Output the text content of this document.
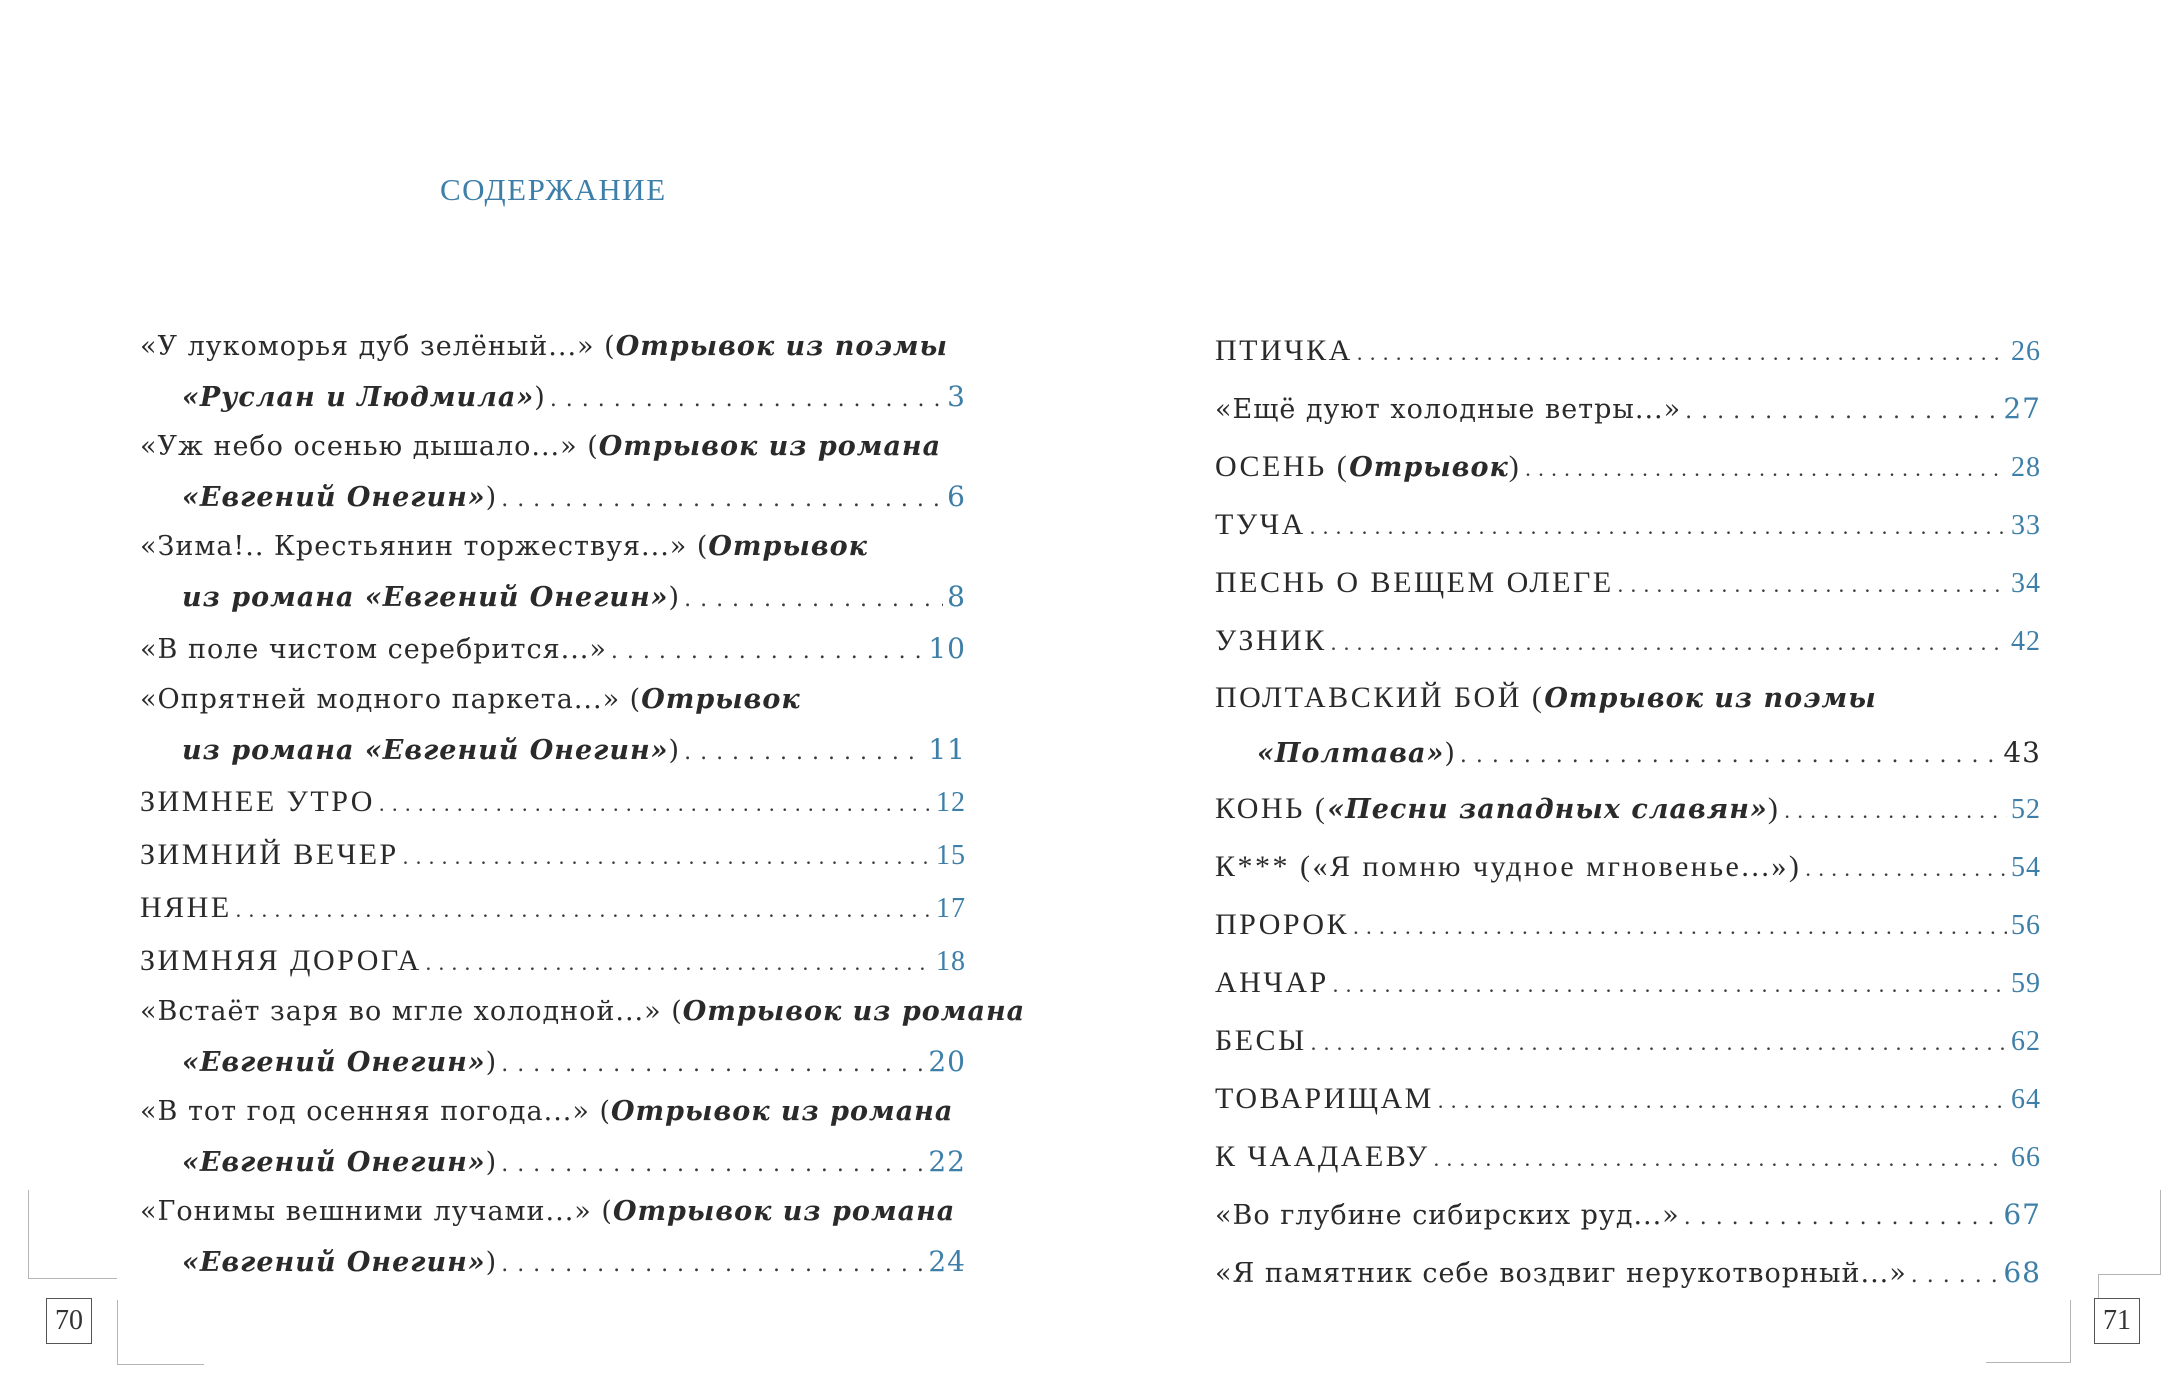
СОДЕРЖАНИЕ
«У лукоморья дуб зелёный...» ( Отрывок из поэмы
«Руслан и Людмила» ) . . .	3
«Уж небо осенью дышало...» ( Отрывок из романа
«Евгений Онегин» ) . . .	6
«Зима!.. Крестьянин торжествуя...» ( Отрывок
из романа «Евгений Онегин» ) . . .	8
«В поле чистом серебрится...» . . .	10
«Опрятней модного паркета...» ( Отрывок
из романа «Евгений Онегин» ) . . .	11
ЗИМНЕЕ УТРО . . .	12
ЗИМНИЙ ВЕЧЕР . . .	15
НЯНЕ . . .	17
ЗИМНЯЯ ДОРОГА . . .	18
«Встаёт заря во мгле холодной...» ( Отрывок из романа
«Евгений Онегин» ) . . .	20
«В тот год осенняя погода...» ( Отрывок из романа
«Евгений Онегин» ) . . .	22
«Гонимы вешними лучами...» ( Отрывок из романа
«Евгений Онегин» ) . . .	24
70
ПТИЧКА . . .	26
«Ещё дуют холодные ветры...» . . .	27
ОСЕНЬ ( Отрывок ) . . .	28
ТУЧА . . .	33
ПЕСНЬ О ВЕЩЕМ ОЛЕГЕ . . .	34
УЗНИК . . .	42
ПОЛТАВСКИЙ БОЙ ( Отрывок из поэмы
«Полтава» ) . . .	43
КОНЬ ( «Песни западных славян» ) . . .	52
К*** («Я помню чудное мгновенье...») . . .	54
ПРОРОК . . .	56
АНЧАР . . .	59
БЕСЫ . . .	62
ТОВАРИЩАМ . . .	64
К ЧААДАЕВУ . . .	66
«Во глубине сибирских руд...» . . .	67
«Я памятник себе воздвиг нерукотворный...» . . .	68
71
